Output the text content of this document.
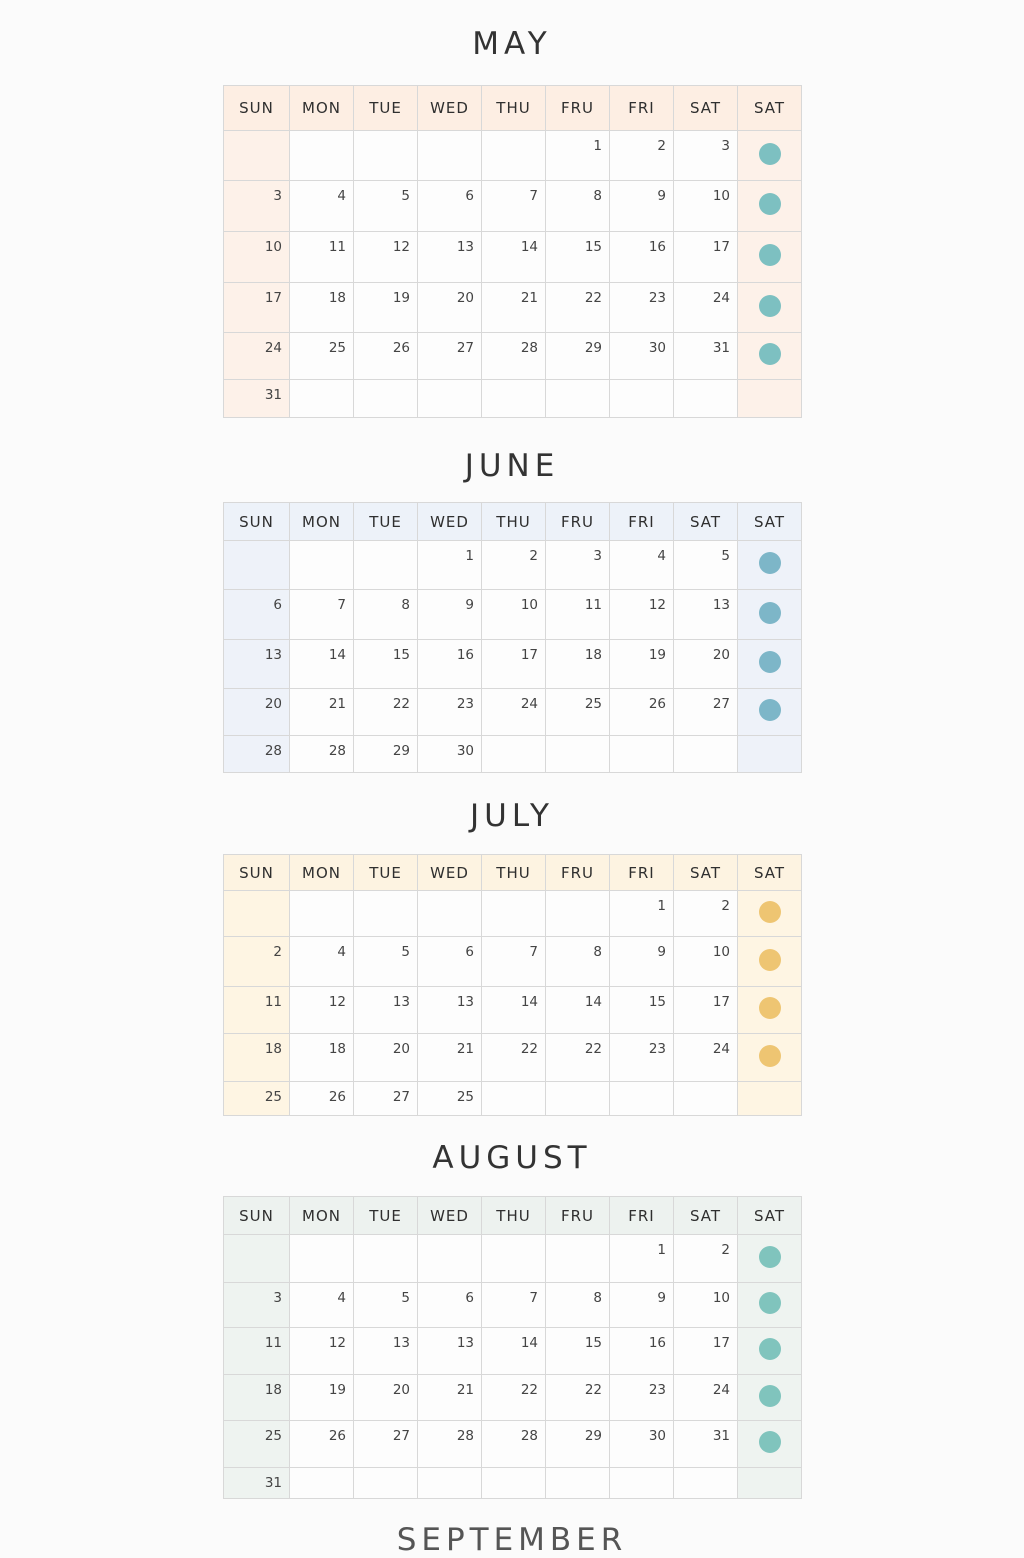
MAY
SUN	MON	TUE	WED	THU	FRU	FRI	SAT	SAT
					1	2	3	
3	4	5	6	7	8	9	10	
10	11	12	13	14	15	16	17	
17	18	19	20	21	22	23	24	
24	25	26	27	28	29	30	31	
31								
JUNE
SUN	MON	TUE	WED	THU	FRU	FRI	SAT	SAT
			1	2	3	4	5	
6	7	8	9	10	11	12	13	
13	14	15	16	17	18	19	20	
20	21	22	23	24	25	26	27	
28	28	29	30					
JULY
SUN	MON	TUE	WED	THU	FRU	FRI	SAT	SAT
						1	2	
2	4	5	6	7	8	9	10	
11	12	13	13	14	14	15	17	
18	18	20	21	22	22	23	24	
25	26	27	25					
AUGUST
SUN	MON	TUE	WED	THU	FRU	FRI	SAT	SAT
						1	2	
3	4	5	6	7	8	9	10	
11	12	13	13	14	15	16	17	
18	19	20	21	22	22	23	24	
25	26	27	28	28	29	30	31	
31								
SEPTEMBER
